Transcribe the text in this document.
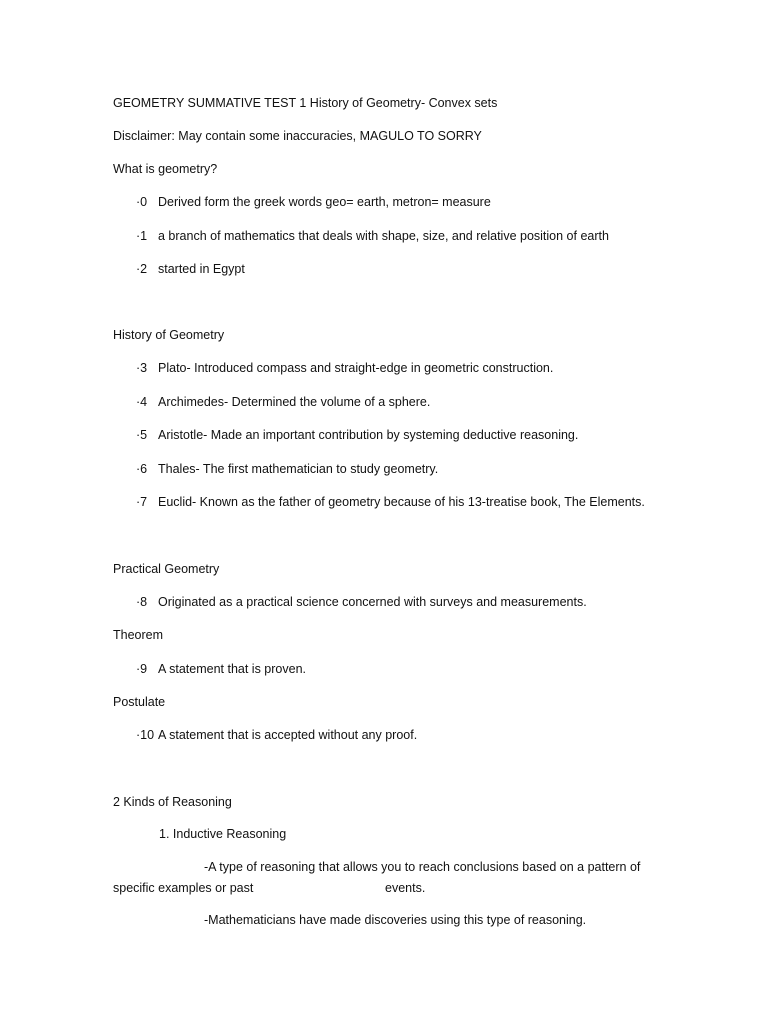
GEOMETRY SUMMATIVE TEST 1 History of Geometry- Convex sets
Disclaimer: May contain some inaccuracies, MAGULO TO SORRY
What is geometry?
·0 Derived form the greek words geo= earth, metron= measure
·1 a branch of mathematics that deals with shape, size, and relative position of earth
·2 started in Egypt
History of Geometry
·3 Plato- Introduced compass and straight-edge in geometric construction.
·4 Archimedes- Determined the volume of a sphere.
·5 Aristotle- Made an important contribution by systeming deductive reasoning.
·6 Thales- The first mathematician to study geometry.
·7 Euclid- Known as the father of geometry because of his 13-treatise book, The Elements.
Practical Geometry
·8 Originated as a practical science concerned with surveys and measurements.
Theorem
·9 A statement that is proven.
Postulate
·10 A statement that is accepted without any proof.
2 Kinds of Reasoning
1. Inductive Reasoning
-A type of reasoning that allows you to reach conclusions based on a pattern of
specific examples or past	events.
-Mathematicians have made discoveries using this type of reasoning.
